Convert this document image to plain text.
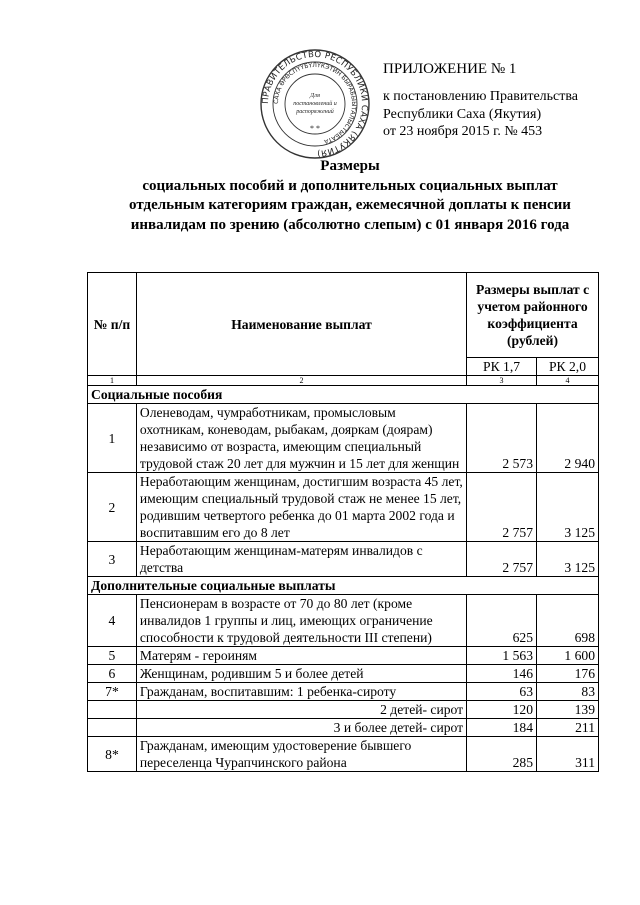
ПРИЛОЖЕНИЕ № 1
к постановлению Правительства
Республики Саха (Якутия)
от 23 ноября 2015 г. № 453
ПРАВИТЕЛЬСТВО РЕСПУБЛИКИ САХА (ЯКУТИЯ)
САХА ӨРӨСПҮҮБҮЛҮКЭТИН БЫРАБЫЫТАЛЫСТЫБАТА
Для
постановлений и
распоряжений
* *
Размеры
социальных пособий и дополнительных социальных выплат
отдельным категориям граждан, ежемесячной доплаты к пенсии
инвалидам по зрению (абсолютно слепым) с 01 января 2016 года
№ п/п	Наименование выплат	Размеры выплат с учетом районного коэффициента (рублей)	
		РК 1,7	РК 2,0
1	2	3	4
Социальные пособия			
1	Оленеводам, чумработникам, промысловым охотникам, коневодам, рыбакам, дояркам (доярам) независимо от возраста, имеющим специальный трудовой стаж 20 лет для мужчин и 15 лет для женщин	2 573	2 940
2	Неработающим женщинам, достигшим возраста 45 лет, имеющим специальный трудовой стаж не менее 15 лет, родившим четвертого ребенка до 01 марта 2002 года и воспитавшим его до 8 лет	2 757	3 125
3	Неработающим женщинам-матерям инвалидов с детства	2 757	3 125
Дополнительные социальные выплаты			
4	Пенсионерам в возрасте от 70 до 80 лет (кроме инвалидов 1 группы и лиц, имеющих ограничение способности к трудовой деятельности III степени)	625	698
5	Матерям - героиням	1 563	1 600
6	Женщинам, родившим 5 и более детей	146	176
7*	Гражданам, воспитавшим: 1 ребенка-сироту	63	83
	2 детей- сирот	120	139
	3 и более детей- сирот	184	211
8*	Гражданам, имеющим удостоверение бывшего переселенца Чурапчинского района	285	311
